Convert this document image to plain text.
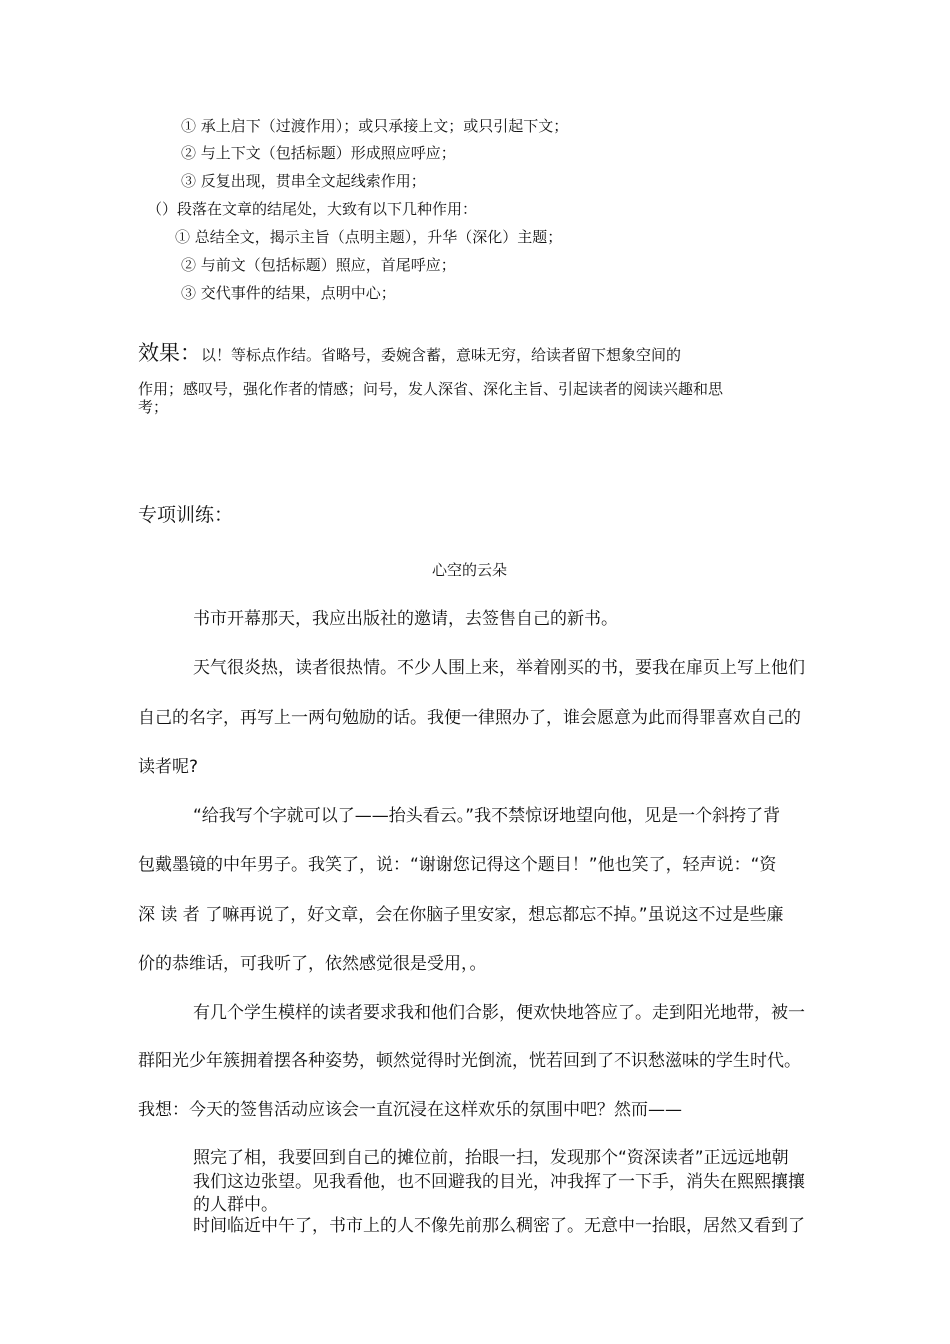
① 承上启下（过渡作用）；或只承接上文；或只引起下文；
② 与上下文（包括标题）形成照应呼应；
③ 反复出现，贯串全文起线索作用；
（）段落在文章的结尾处，大致有以下几种作用：
① 总结全文，揭示主旨（点明主题），升华（深化）主题；
② 与前文（包括标题）照应，首尾呼应；
③ 交代事件的结果，点明中心；
效果：以！等标点作结。省略号，委婉含蓄，意味无穷，给读者留下想象空间的
作用；感叹号，强化作者的情感；问号，发人深省、深化主旨、引起读者的阅读兴趣和思
考；
专项训练：
心空的云朵
书市开幕那天，我应出版社的邀请，去签售自己的新书。
天气很炎热，读者很热情。不少人围上来，举着刚买的书，要我在扉页上写上他们
自己的名字，再写上一两句勉励的话。我便一律照办了，谁会愿意为此而得罪喜欢自己的
读者呢?
“给我写个字就可以了——抬头看云。”我不禁惊讶地望向他，见是一个斜挎了背
包戴墨镜的中年男子。我笑了，说：“谢谢您记得这个题目！”他也笑了，轻声说：“资
深 读 者 了嘛再说了，好文章，会在你脑子里安家，想忘都忘不掉。”虽说这不过是些廉
价的恭维话，可我听了，依然感觉很是受用，。
有几个学生模样的读者要求我和他们合影，便欢快地答应了。走到阳光地带，被一
群阳光少年簇拥着摆各种姿势，顿然觉得时光倒流，恍若回到了不识愁滋味的学生时代。
我想：今天的签售活动应该会一直沉浸在这样欢乐的氛围中吧？然而——
照完了相，我要回到自己的摊位前，抬眼一扫，发现那个“资深读者”正远远地朝
我们这边张望。见我看他，也不回避我的目光，冲我挥了一下手，消失在熙熙攘攘
的人群中。
时间临近中午了，书市上的人不像先前那么稠密了。无意中一抬眼，居然又看到了
